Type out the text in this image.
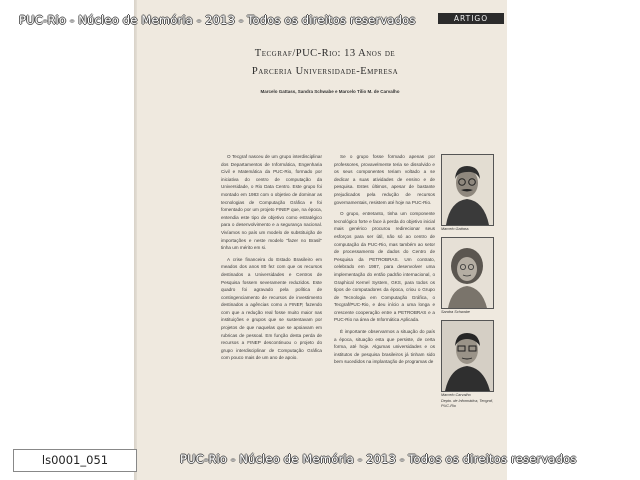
PUC-Rio - Núcleo de Memória - 2013 - Todos os direitos reservados	ARTIGO
Tecgraf/PUC-Rio: 13 Anos de
Parceria Universidade-Empresa
Marcelo Gattass, Sandra Schwabe e Marcelo Tilio M. de Carvalho

O Tecgraf nasceu de um grupo interdisciplinar dos Departamentos de Informática, Engenharia Civil e Matemática da PUC-Rio, formado por iniciativa do centro de computação da Universidade, o Rio Data Centro. Este grupo foi montado em 1983 com o objetivo de dominar as tecnologias de Computação Gráfica e foi fomentado por um projeto FINEP que, na época, entendia este tipo de objetivo como estratégico para o desenvolvimento e a segurança nacional. Vivíamos no país um modelo de substituição de importações e neste modelo "fazer no Brasil" tinha um mérito em si.

A crise financeira do Estado Brasileiro em meados dos anos 80 fez com que os recursos destinados a Universidades e Centros de Pesquisa fossem severamente reduzidos. Este quadro foi agravado pela política de contingenciamento de recursos de investimento destinados a agências como a FINEP, fazendo com que a redução real fosse muito maior nas instituições e grupos que se sustentavam por projetos de que naquelas que se apoiavam em rubricas de pessoal. Em função desta perda de recursos a FINEP descontinuou o projeto do grupo interdisciplinar de Computação Gráfica com pouco mais de um ano de apoio.

Se o grupo fosse formado apenas por professores, provavelmente teria se dissolvido e os seus componentes teriam voltado a se dedicar a suas atividades de ensino e de pesquisa. Estes últimos, apesar de bastante prejudicados pela redução de recursos governamentais, resistem até hoje na PUC-Rio.

O grupo, entretanto, tinha um componente tecnológico forte e face à perda do objetivo inicial mais genérico procurou redirecionar seus esforços para ser útil, não só ao centro de computação da PUC-Rio, mas também ao setor de processamento de dados do Centro de Pesquisa da PETROBRAS. Um contrato, celebrado em 1987, para desenvolver uma implementação do então padrão internacional, o Graphical Kernel System, GKS, para todos os tipos de computadores da época, criou o Grupo de Tecnologia em Computação Gráfica, o Tecgraf/PUC-Rio, e deu início a uma longa e crescente cooperação entre a PETROBRAS e a PUC-Rio na área de Informática Aplicada.

É importante observarmos a situação do país a época, situação esta que persiste, de certa forma, até hoje. Algumas universidades e os institutos de pesquisa brasileiros já tinham sido bem sucedidos na implantação de programas de

Marcelo Gattass
Sandra Schwabe
Marcelo Carvalho
Depto. de Informática, Tecgraf, PUC-Rio
PUC-Rio - Núcleo de Memória - 2013 - Todos os direitos reservados
ls0001_051
